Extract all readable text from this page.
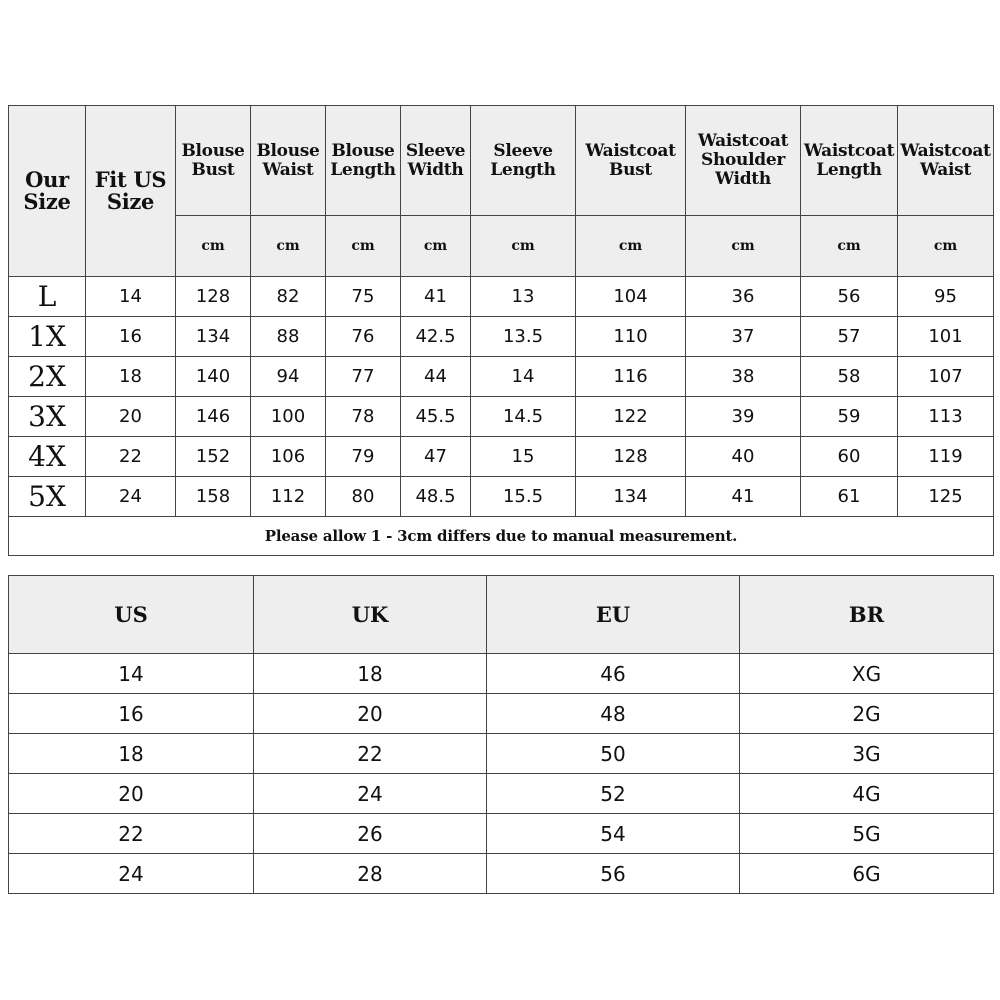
Our Size	Fit US Size	Blouse Bust	Blouse Waist	Blouse Length	Sleeve Width	Sleeve Length	Waistcoat Bust	Waistcoat Shoulder Width	Waistcoat Length	Waistcoat Waist
		cm	cm	cm	cm	cm	cm	cm	cm	cm
L	14	128	82	75	41	13	104	36	56	95
1X	16	134	88	76	42.5	13.5	110	37	57	101
2X	18	140	94	77	44	14	116	38	58	107
3X	20	146	100	78	45.5	14.5	122	39	59	113
4X	22	152	106	79	47	15	128	40	60	119
5X	24	158	112	80	48.5	15.5	134	41	61	125
Please allow 1 - 3cm differs due to manual measurement.										
US	UK	EU	BR
14	18	46	XG
16	20	48	2G
18	22	50	3G
20	24	52	4G
22	26	54	5G
24	28	56	6G
